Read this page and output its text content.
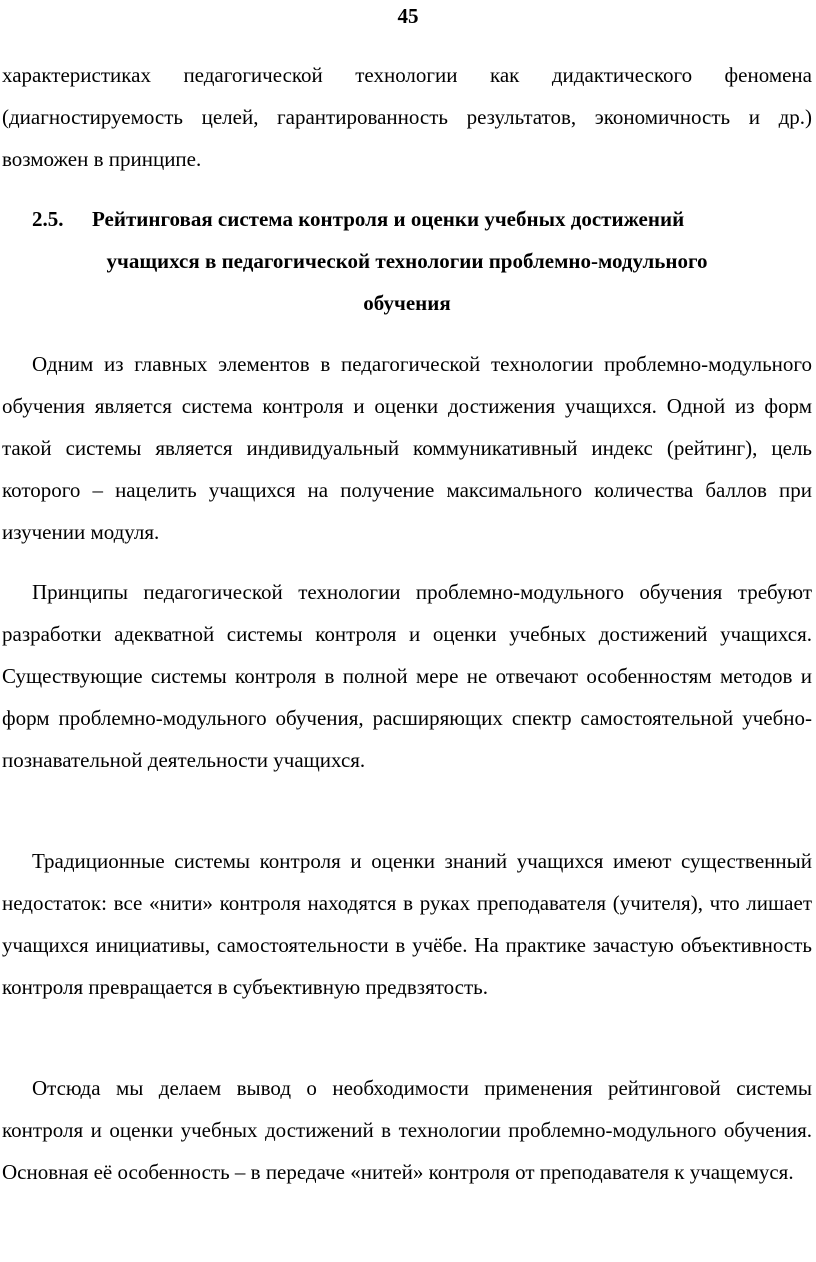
45

характеристиках педагогической технологии как дидактического феномена (диагностируемость целей, гарантированность результатов, экономичность и др.) возможен в принципе.

2.5. Рейтинговая система контроля и оценки учебных достижений
учащихся в педагогической технологии проблемно-модульного
обучения

Одним из главных элементов в педагогической технологии проблемно-модульного обучения является система контроля и оценки достижения учащихся. Одной из форм такой системы является индивидуальный коммуникативный индекс (рейтинг), цель которого – нацелить учащихся на получение максимального количества баллов при изучении модуля.

Принципы педагогической технологии проблемно-модульного обучения требуют разработки адекватной системы контроля и оценки учебных достижений учащихся. Существующие системы контроля в полной мере не отвечают особенностям методов и форм проблемно-модульного обучения, расширяющих спектр самостоятельной учебно-познавательной деятельности учащихся.

Традиционные системы контроля и оценки знаний учащихся имеют существенный недостаток: все «нити» контроля находятся в руках преподавателя (учителя), что лишает учащихся инициативы, самостоятельности в учёбе. На практике зачастую объективность контроля превращается в субъективную предвзятость.

Отсюда мы делаем вывод о необходимости применения рейтинговой системы контроля и оценки учебных достижений в технологии проблемно-модульного обучения. Основная её особенность – в передаче «нитей» контроля от преподавателя к учащемуся.
